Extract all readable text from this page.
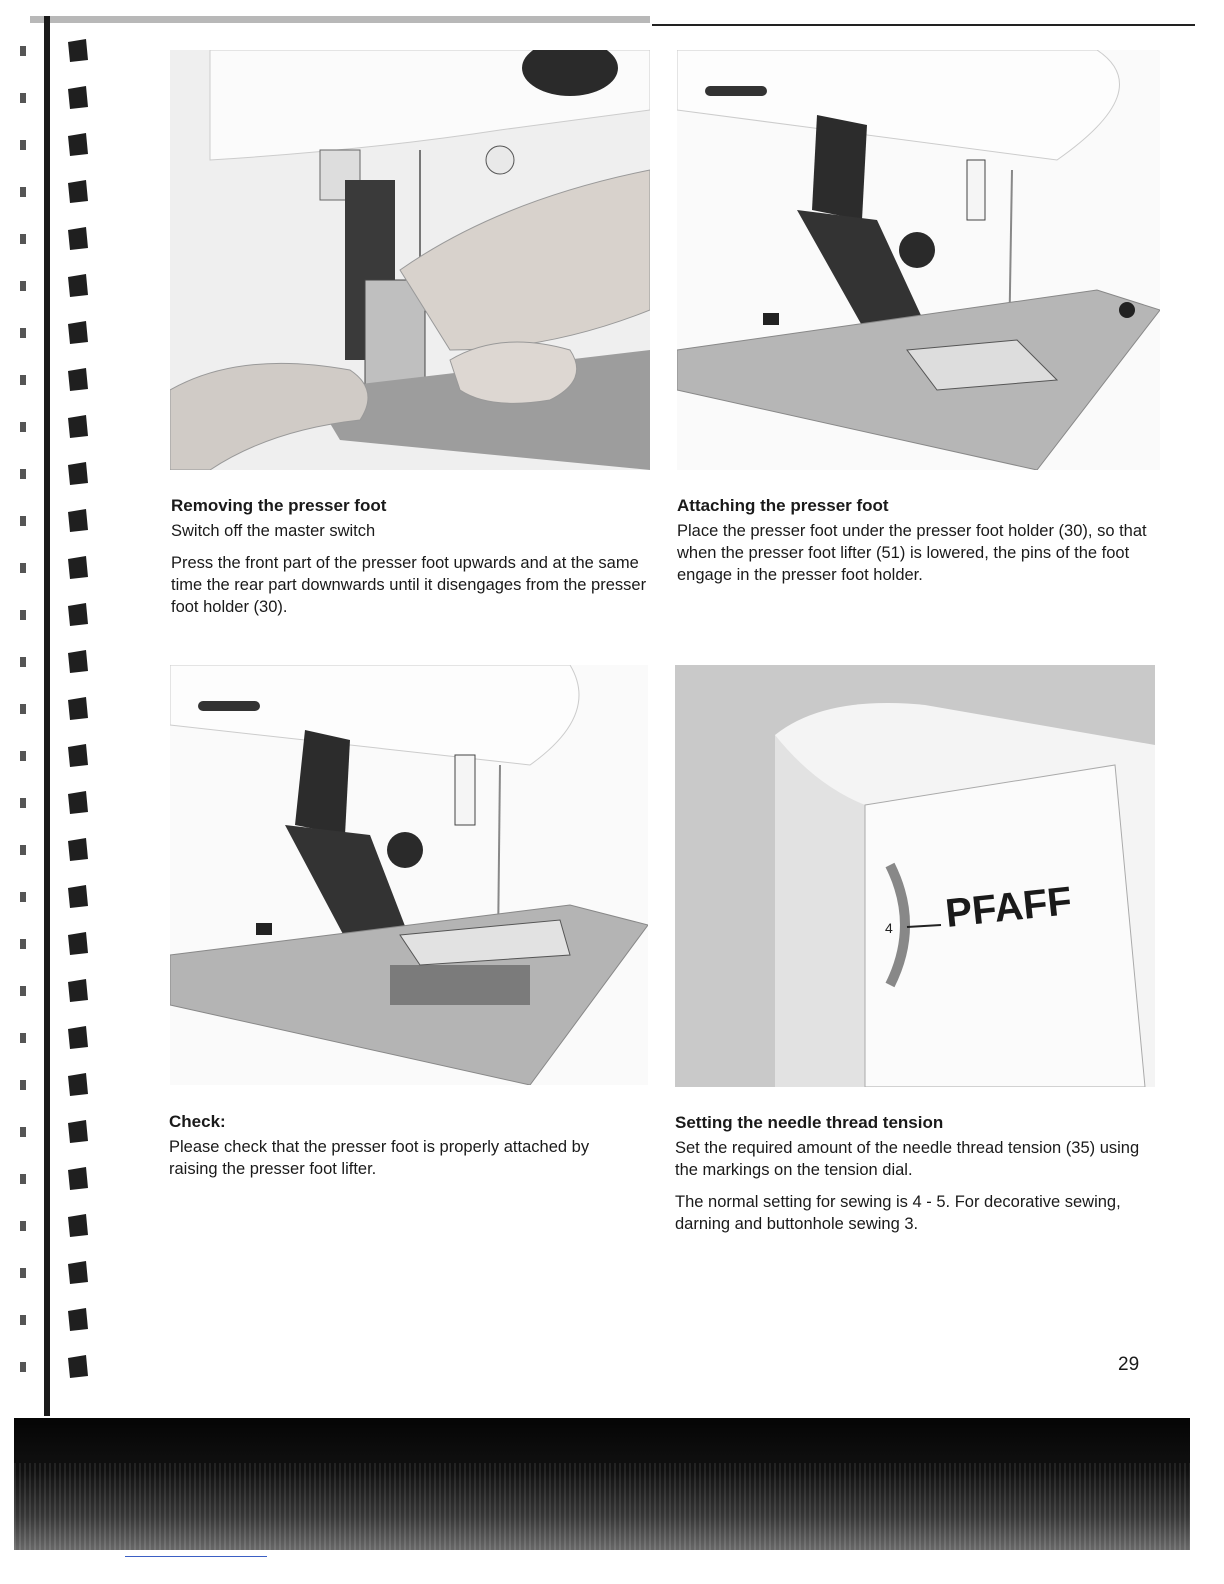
4 PFAFF
Removing the presser foot

Switch off the master switch

Press the front part of the presser foot upwards and at the same time the rear part downwards until it disengages from the presser foot holder (30).

Attaching the presser foot

Place the presser foot under the presser foot holder (30), so that when the presser foot lifter (51) is lowered, the pins of the foot engage in the presser foot holder.

Check:

Please check that the presser foot is properly attached by raising the presser foot lifter.

Setting the needle thread tension

Set the required amount of the needle thread tension (35) using the markings on the tension dial.

The normal setting for sewing is 4 - 5. For decorative sewing, darning and buttonhole sewing 3.

29
